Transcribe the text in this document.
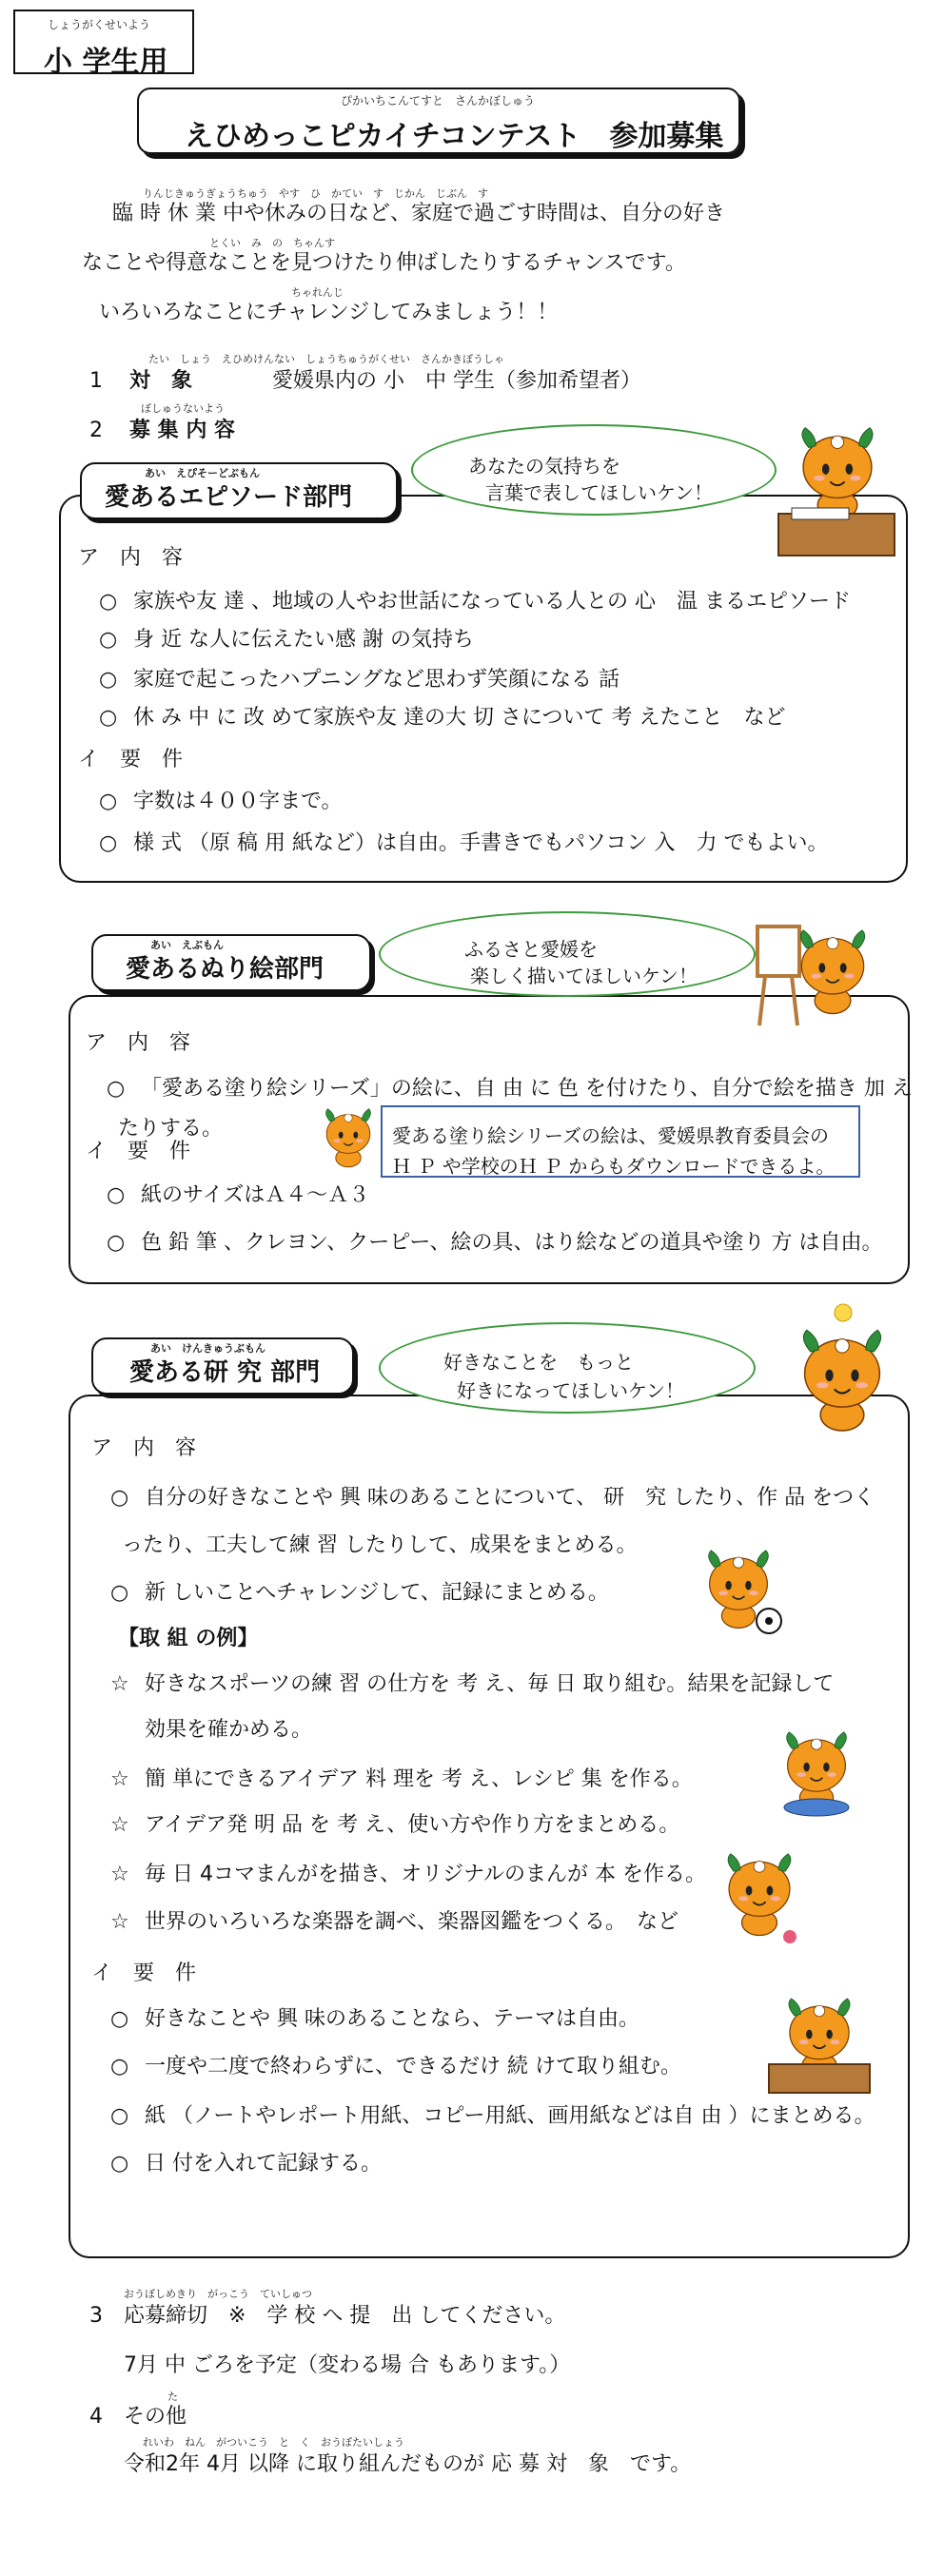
しょうがくせいよう
小 学生用
ぴかいちこんてすと　さんかぼしゅう
えひめっこピカイチコンテスト　参加募集
りんじきゅうぎょうちゅう　やす　ひ　かてい　す　じかん　じぶん　す
臨 時 休 業 中や休みの日など、家庭で過ごす時間は、自分の好き
とくい　み　の　ちゃんす
なことや得意なことを見つけたり伸ばしたりするチャンスです。
ちゃれんじ
いろいろなことにチャレンジしてみましょう！！
たい　しょう　えひめけんない　しょうちゅうがくせい　さんかきぼうしゃ
1 対　象	愛媛県内の 小　中 学生（参加希望者）
ぼしゅうないよう
2 募 集 内 容
あい　えぴそーどぶもん
愛あるエピソード部門
あなたの気持ちを
言葉で表してほしいケン！
ア　内　容
○ 家族や友 達 、地域の人やお世話になっている人との 心　温 まるエピソード
○ 身 近 な人に伝えたい感 謝 の気持ち
○ 家庭で起こったハプニングなど思わず笑顔になる 話
○ 休 み 中 に 改 めて家族や友 達の大 切 さについて 考 えたこと　など
イ　要　件
○ 字数は４００字まで。
○ 様 式 （原 稿 用 紙など）は自由。手書きでもパソコン 入　力 でもよい。
あい　えぶもん
愛あるぬり絵部門
ふるさと愛媛を
楽しく描いてほしいケン！
ア　内　容
○ 「愛ある塗り絵シリーズ」の絵に、自 由 に 色 を付けたり、自分で絵を描き 加 え
たりする。	愛ある塗り絵シリーズの絵は、愛媛県教育委員会の
Ｈ Ｐ や学校のＨ Ｐ からもダウンロードできるよ。
イ　要　件
○ 紙のサイズはＡ４～Ａ３
○ 色 鉛 筆 、クレヨン、クーピー、絵の具、はり絵などの道具や塗り 方 は自由。
あい　けんきゅうぶもん
愛ある研 究 部門	好きなことを　もっと
好きになってほしいケン！
ア　内　容
○ 自分の好きなことや 興 味のあることについて、 研　究 したり、作 品 をつく
ったり、工夫して練 習 したりして、成果をまとめる。
○ 新 しいことへチャレンジして、記録にまとめる。
【取 組 の例】
☆ 好きなスポーツの練 習 の仕方を 考 え、毎 日 取り組む。結果を記録して
効果を確かめる。
☆ 簡 単にできるアイデア 料 理を 考 え、レシピ 集 を作る。
☆ アイデア発 明 品 を 考 え、使い方や作り方をまとめる。
☆ 毎 日 4コマまんがを描き、オリジナルのまんが 本 を作る。
☆ 世界のいろいろな楽器を調べ、楽器図鑑をつくる。　など
イ　要　件
○ 好きなことや 興 味のあることなら、テーマは自由。
○ 一度や二度で終わらずに、できるだけ 続 けて取り組む。
○ 紙 （ノートやレポート用紙、コピー用紙、画用紙などは自 由 ）にまとめる。
○ 日 付を入れて記録する。
おうぼしめきり　がっこう　ていしゅつ
3 応募締切　※　学 校 へ 提　出 してください。
7月 中 ごろを予定（変わる場 合 もあります。）
た
4 その他
れいわ　ねん　がついこう　と　く　おうぼたいしょう
令和2年 4月 以降 に取り組んだものが 応 募 対　象　です。
